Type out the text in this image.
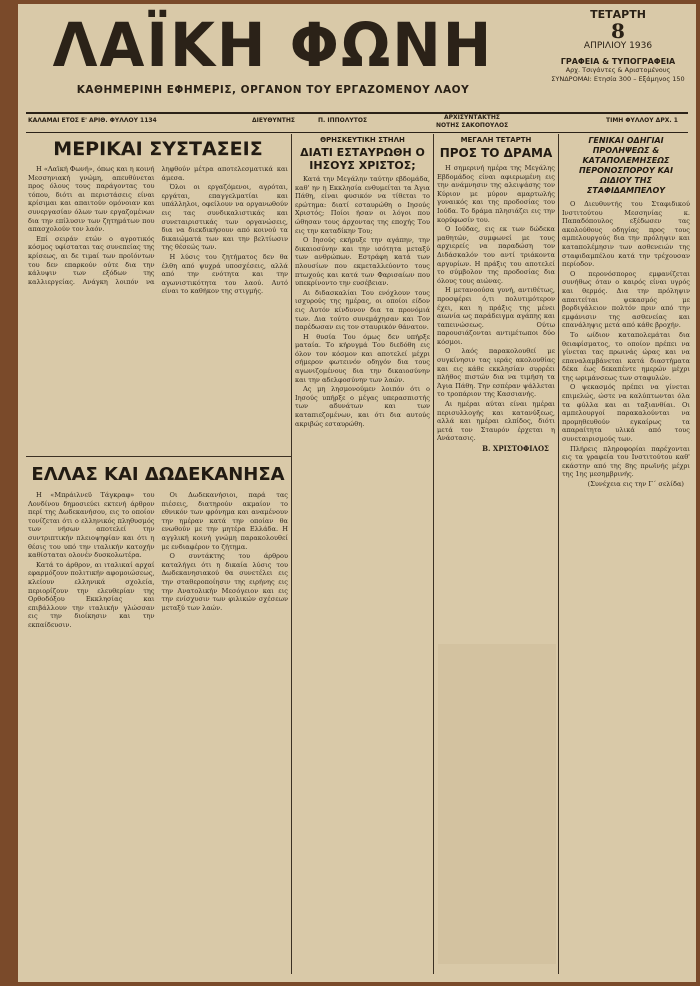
ΛΑΪΚΗ ΦΩΝΗ
ΚΑΘΗΜΕΡΙΝΗ ΕΦΗΜΕΡΙΣ, ΟΡΓΑΝΟΝ ΤΟΥ ΕΡΓΑΖΟΜΕΝΟΥ ΛΑΟΥ
ΤΕΤΑΡΤΗ
8
ΑΠΡΙΛΙΟΥ 1936
ΓΡΑΦΕΙΑ & ΤΥΠΟΓΡΑΦΕΙΑ
Αρχ. Τσιγάντες & Αριστομένους
ΣΥΝΔΡΟΜΑΙ: Ετησία 300 – Εξάμηνος 150
ΚΑΛΑΜΑΙ ΕΤΟΣ Ε' ΑΡΙΘ. ΦΥΛΛΟΥ 1134	ΔΙΕΥΘΥΝΤΗΣ	Π. ΙΠΠΟΛΥΤΟΣ	ΑΡΧΙΣΥΝΤΑΚΤΗΣ
ΝΟΤΗΣ ΣΑΚΟΠΟΥΛΟΣ
ΤΙΜΗ ΦΥΛΛΟΥ ΔΡΧ. 1
ΜΕΡΙΚΑΙ ΣΥΣΤΑΣΕΙΣ

Η «Λαϊκή Φωνή», όπως και η κοινή Μεσσηνιακή γνώμη, απευθύνεται προς όλους τους παράγοντας του τόπου, διότι αι περιστάσεις είναι κρίσιμαι και απαιτούν ομόνοιαν και συνεργασίαν όλων των εργαζομένων δια την επίλυσιν των ζητημάτων που απασχολούν τον λαόν.

Επί σειράν ετών ο αγροτικός κόσμος υφίσταται τας συνεπείας της κρίσεως, αι δε τιμαί των προϊόντων του δεν επαρκούν ούτε δια την κάλυψιν των εξόδων της καλλιεργείας. Ανάγκη λοιπόν να ληφθούν μέτρα αποτελεσματικά και άμεσα.

Όλοι οι εργαζόμενοι, αγρόται, εργάται, επαγγελματίαι και υπάλληλοι, οφείλουν να οργανωθούν εις τας συνδικαλιστικάς και συνεταιριστικάς των οργανώσεις, δια να διεκδικήσουν από κοινού τα δικαιώματά των και την βελτίωσιν της θέσεώς των.

Η λύσις του ζητήματος δεν θα έλθη από ψυχρά υποσχέσεις, αλλά από την ενότητα και την αγωνιστικότητα του λαού. Αυτό είναι το καθήκον της στιγμής.

ΕΛΛΑΣ ΚΑΙ ΔΩΔΕΚΑΝΗΣΑ

Η «Μπράιλνεϋ Τάγκραφ» του Λονδίνου δημοσιεύει εκτενή άρθρον περί της Δωδεκανήσου, εις το οποίον τονίζεται ότι ο ελληνικός πληθυσμός των νήσων αποτελεί την συντριπτικήν πλειοψηφίαν και ότι η θέσις του υπό την ιταλικήν κατοχήν καθίσταται ολονέν δυσκολωτέρα.

Κατά το άρθρον, αι ιταλικαί αρχαί εφαρμόζουν πολιτικήν αφομοιώσεως, κλείουν ελληνικά σχολεία, περιορίζουν την ελευθερίαν της Ορθοδόξου Εκκλησίας και επιβάλλουν την ιταλικήν γλώσσαν εις την διοίκησιν και την εκπαίδευσιν.

Οι Δωδεκανήσιοι, παρά τας πιέσεις, διατηρούν ακμαίον το εθνικόν των φρόνημα και αναμένουν την ημέραν κατά την οποίαν θα ενωθούν με την μητέρα Ελλάδα. Η αγγλική κοινή γνώμη παρακολουθεί με ενδιαφέρον το ζήτημα.

Ο συντάκτης του άρθρου καταλήγει ότι η δικαία λύσις του Δωδεκανησιακού θα συνετέλει εις την σταθεροποίησιν της ειρήνης εις την Ανατολικήν Μεσόγειον και εις την ενίσχυσιν των φιλικών σχέσεων μεταξύ των λαών.

ΘΡΗΣΚΕΥΤΙΚΗ ΣΤΗΛΗ
ΔΙΑΤΙ ΕΣΤΑΥΡΩΘΗ Ο ΙΗΣΟΥΣ ΧΡΙΣΤΟΣ;

Κατά την Μεγάλην ταύτην εβδομάδα, καθ' ην η Εκκλησία ενθυμείται τα Άγια Πάθη, είναι φυσικόν να τίθεται το ερώτημα: διατί εσταυρώθη ο Ιησούς Χριστός; Ποίοι ήσαν οι λόγοι που ώθησαν τους άρχοντας της εποχής Του εις την καταδίκην Του;

Ο Ιησούς εκήρυξε την αγάπην, την δικαιοσύνην και την ισότητα μεταξύ των ανθρώπων. Εστράφη κατά των πλουσίων που εκμεταλλεύοντο τους πτωχούς και κατά των Φαρισαίων που υπεκρίνοντο την ευσέβειαν.

Αι διδασκαλίαι Του ενόχλουν τους ισχυρούς της ημέρας, οι οποίοι είδον εις Αυτόν κίνδυνον δια τα προνόμιά των. Δια τούτο συνεμάχησαν και Τον παρέδωσαν εις τον σταυρικόν θάνατον.

Η θυσία Του όμως δεν υπήρξε ματαία. Το κήρυγμά Του διεδόθη εις όλον τον κόσμον και αποτελεί μέχρι σήμερον φωτεινόν οδηγόν δια τους αγωνιζομένους δια την δικαιοσύνην και την αδελφοσύνην των λαών.

Ας μη λησμονούμεν λοιπόν ότι ο Ιησούς υπήρξε ο μέγας υπερασπιστής των αδυνάτων και των καταπιεζομένων, και ότι δια αυτούς ακριβώς εσταυρώθη.

ΜΕΓΑΛΗ ΤΕΤΑΡΤΗ
ΠΡΟΣ ΤΟ ΔΡΑΜΑ

Η σημερινή ημέρα της Μεγάλης Εβδομάδος είναι αφιερωμένη εις την ανάμνησιν της αλειψάσης τον Κύριον με μύρον αμαρτωλής γυναικός και της προδοσίας του Ιούδα. Το δράμα πλησιάζει εις την κορύφωσίν του.

Ο Ιούδας, εις εκ των δώδεκα μαθητών, συμφωνεί με τους αρχιερείς να παραδώση τον Διδάσκαλόν του αντί τριάκοντα αργυρίων. Η πράξις του αποτελεί το σύμβολον της προδοσίας δια όλους τους αιώνας.

Η μετανοούσα γυνή, αντιθέτως, προσφέρει ό,τι πολυτιμότερον έχει, και η πράξις της μένει αιωνία ως παράδειγμα αγάπης και ταπεινώσεως. Ούτω παρουσιάζονται αντιμέτωποι δύο κόσμοι.

Ο λαός παρακολουθεί με συγκίνησιν τας ιεράς ακολουθίας και εις κάθε εκκλησίαν συρρέει πλήθος πιστών δια να τιμήση τα Άγια Πάθη. Την εσπέραν ψάλλεται το τροπάριον της Κασσιανής.

Αι ημέραι αύται είναι ημέραι περισυλλογής και κατανύξεως, αλλά και ημέραι ελπίδος, διότι μετά τον Σταυρόν έρχεται η Ανάστασις.

Β. ΧΡΙΣΤΟΦΙΛΟΣ
ΓΕΝΙΚΑΙ ΟΔΗΓΙΑΙ ΠΡΟΛΗΨΕΩΣ & ΚΑΤΑΠΟΛΕΜΗΣΕΩΣ ΠΕΡΟΝΟΣΠΟΡΟΥ ΚΑΙ ΩΙΔΙΟΥ ΤΗΣ ΣΤΑΦΙΔΑΜΠΕΛΟΥ

Ο Διευθυντής του Σταφιδικού Ινστιτούτου Μεσσηνίας κ. Παπαδόπουλος εξέδωσεν τας ακολούθους οδηγίας προς τους αμπελουργούς δια την πρόληψιν και καταπολέμησιν των ασθενειών της σταφιδαμπέλου κατά την τρέχουσαν περίοδον.

Ο περονόσπορος εμφανίζεται συνήθως όταν ο καιρός είναι υγρός και θερμός. Δια την πρόληψιν απαιτείται ψεκασμός με βορδιγάλειον πολτόν πριν από την εμφάνισιν της ασθενείας και επανάληψις μετά από κάθε βροχήν.

Το ωίδιον καταπολεμάται δια θειαφίσματος, το οποίον πρέπει να γίνεται τας πρωινάς ώρας και να επαναλαμβάνεται κατά διαστήματα δέκα έως δεκαπέντε ημερών μέχρι της ωριμάνσεως των σταφυλών.

Ο ψεκασμός πρέπει να γίνεται επιμελώς, ώστε να καλύπτωνται όλα τα φύλλα και αι ταξιανθίαι. Οι αμπελουργοί παρακαλούνται να προμηθευθούν εγκαίρως τα απαραίτητα υλικά από τους συνεταιρισμούς των.

Πλήρεις πληροφορίαι παρέχονται εις τα γραφεία του Ινστιτούτου καθ' εκάστην από της 8ης πρωϊνής μέχρι της 1ης μεσημβρινής.

(Συνέχεια εις την Γ΄ σελίδα)
